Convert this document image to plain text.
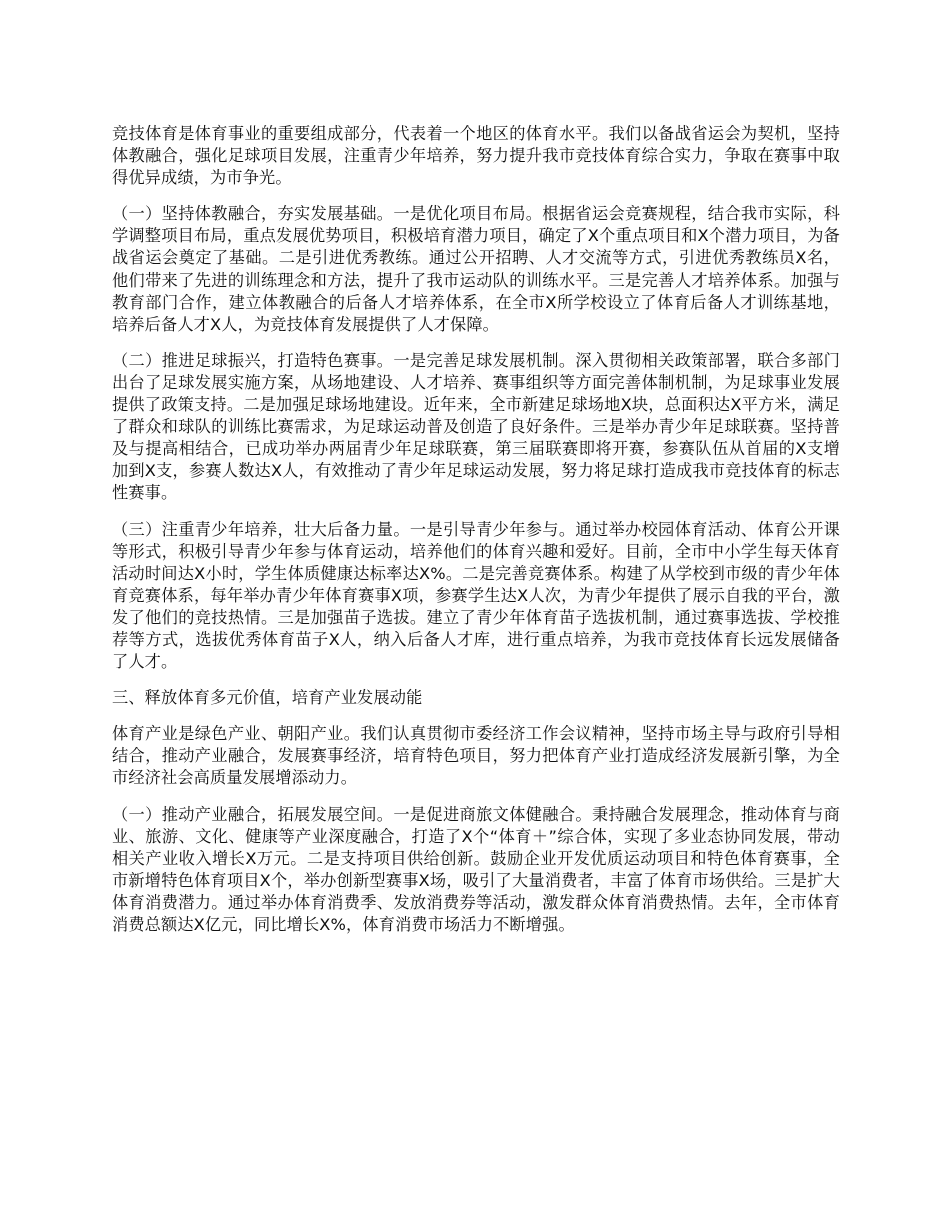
竞技体育是体育事业的重要组成部分，代表着一个地区的体育水平。我们以备战省运会为契机，坚持体教融合，强化足球项目发展，注重青少年培养，努力提升我市竞技体育综合实力，争取在赛事中取得优异成绩，为市争光。

（一）坚持体教融合，夯实发展基础。一是优化项目布局。根据省运会竞赛规程，结合我市实际，科学调整项目布局，重点发展优势项目，积极培育潜力项目，确定了X个重点项目和X个潜力项目，为备战省运会奠定了基础。二是引进优秀教练。通过公开招聘、人才交流等方式，引进优秀教练员X名，他们带来了先进的训练理念和方法，提升了我市运动队的训练水平。三是完善人才培养体系。加强与教育部门合作，建立体教融合的后备人才培养体系，在全市X所学校设立了体育后备人才训练基地，培养后备人才X人，为竞技体育发展提供了人才保障。

（二）推进足球振兴，打造特色赛事。一是完善足球发展机制。深入贯彻相关政策部署，联合多部门出台了足球发展实施方案，从场地建设、人才培养、赛事组织等方面完善体制机制，为足球事业发展提供了政策支持。二是加强足球场地建设。近年来，全市新建足球场地X块，总面积达X平方米，满足了群众和球队的训练比赛需求，为足球运动普及创造了良好条件。三是举办青少年足球联赛。坚持普及与提高相结合，已成功举办两届青少年足球联赛，第三届联赛即将开赛，参赛队伍从首届的X支增加到X支，参赛人数达X人，有效推动了青少年足球运动发展，努力将足球打造成我市竞技体育的标志性赛事。

（三）注重青少年培养，壮大后备力量。一是引导青少年参与。通过举办校园体育活动、体育公开课等形式，积极引导青少年参与体育运动，培养他们的体育兴趣和爱好。目前，全市中小学生每天体育活动时间达X小时，学生体质健康达标率达X%。二是完善竞赛体系。构建了从学校到市级的青少年体育竞赛体系，每年举办青少年体育赛事X项，参赛学生达X人次，为青少年提供了展示自我的平台，激发了他们的竞技热情。三是加强苗子选拔。建立了青少年体育苗子选拔机制，通过赛事选拔、学校推荐等方式，选拔优秀体育苗子X人，纳入后备人才库，进行重点培养，为我市竞技体育长远发展储备了人才。

三、释放体育多元价值，培育产业发展动能

体育产业是绿色产业、朝阳产业。我们认真贯彻市委经济工作会议精神，坚持市场主导与政府引导相结合，推动产业融合，发展赛事经济，培育特色项目，努力把体育产业打造成经济发展新引擎，为全市经济社会高质量发展增添动力。

（一）推动产业融合，拓展发展空间。一是促进商旅文体健融合。秉持融合发展理念，推动体育与商业、旅游、文化、健康等产业深度融合，打造了X个“体育＋”综合体，实现了多业态协同发展，带动相关产业收入增长X万元。二是支持项目供给创新。鼓励企业开发优质运动项目和特色体育赛事，全市新增特色体育项目X个，举办创新型赛事X场，吸引了大量消费者，丰富了体育市场供给。三是扩大体育消费潜力。通过举办体育消费季、发放消费券等活动，激发群众体育消费热情。去年，全市体育消费总额达X亿元，同比增长X%，体育消费市场活力不断增强。
